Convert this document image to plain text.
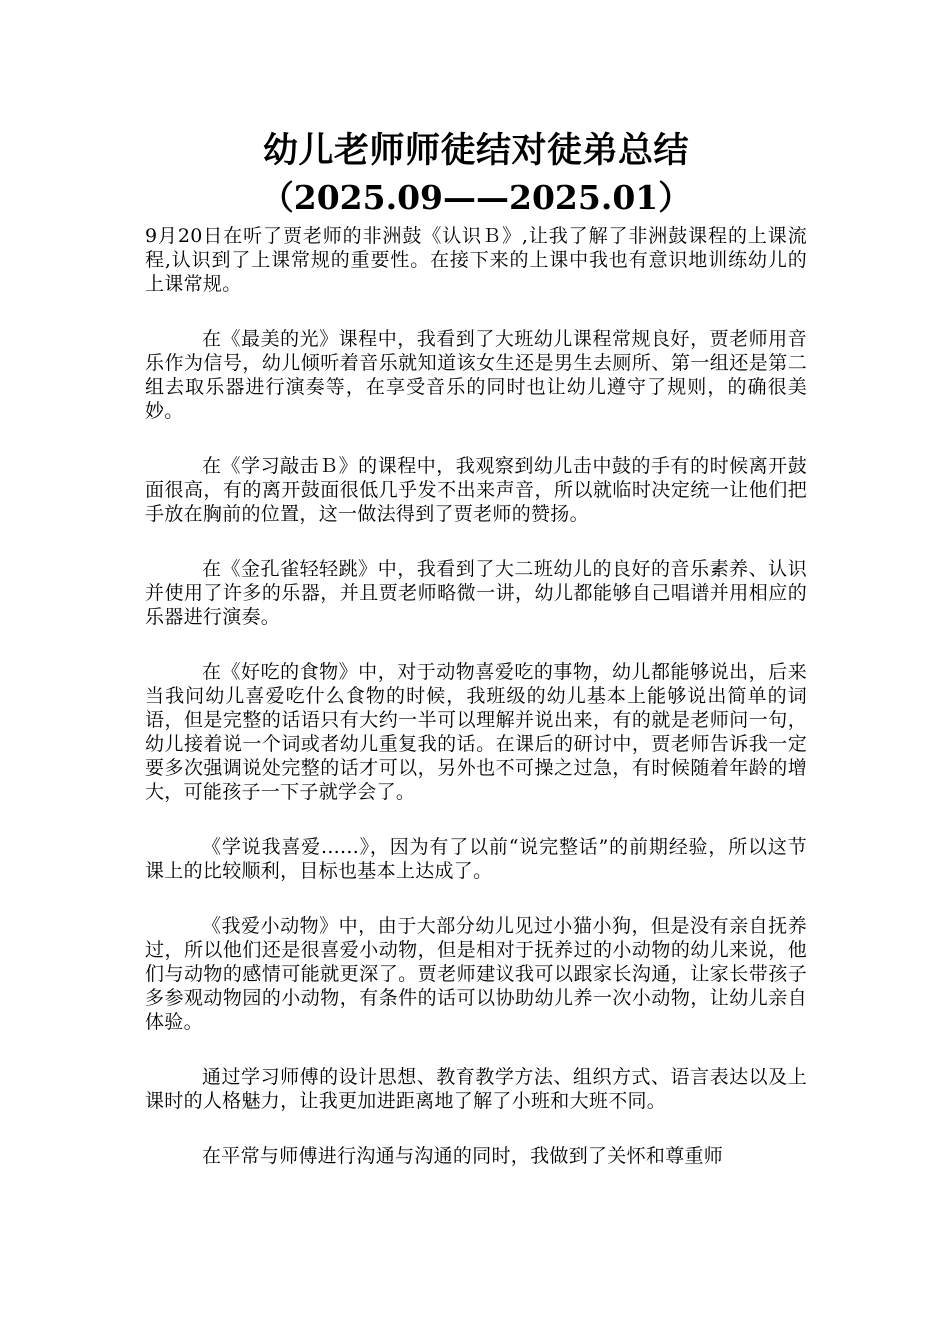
幼儿老师师徒结对徒弟总结
（2025.09——2025.01）

9月20日在听了贾老师的非洲鼓《认识Ｂ》,让我了解了非洲鼓课程的上课流程,认识到了上课常规的重要性。在接下来的上课中我也有意识地训练幼儿的上课常规。

在《最美的光》课程中，我看到了大班幼儿课程常规良好，贾老师用音乐作为信号，幼儿倾听着音乐就知道该女生还是男生去厕所、第一组还是第二组去取乐器进行演奏等，在享受音乐的同时也让幼儿遵守了规则，的确很美妙。

在《学习敲击Ｂ》的课程中，我观察到幼儿击中鼓的手有的时候离开鼓面很高，有的离开鼓面很低几乎发不出来声音，所以就临时决定统一让他们把手放在胸前的位置，这一做法得到了贾老师的赞扬。

在《金孔雀轻轻跳》中，我看到了大二班幼儿的良好的音乐素养、认识并使用了许多的乐器，并且贾老师略微一讲，幼儿都能够自己唱谱并用相应的乐器进行演奏。

在《好吃的食物》中，对于动物喜爱吃的事物，幼儿都能够说出，后来当我问幼儿喜爱吃什么食物的时候，我班级的幼儿基本上能够说出简单的词语，但是完整的话语只有大约一半可以理解并说出来，有的就是老师问一句，幼儿接着说一个词或者幼儿重复我的话。在课后的研讨中，贾老师告诉我一定要多次强调说处完整的话才可以，另外也不可操之过急，有时候随着年龄的增大，可能孩子一下子就学会了。

《学说我喜爱......》，因为有了以前“说完整话”的前期经验，所以这节课上的比较顺利，目标也基本上达成了。

《我爱小动物》中，由于大部分幼儿见过小猫小狗，但是没有亲自抚养过，所以他们还是很喜爱小动物，但是相对于抚养过的小动物的幼儿来说，他们与动物的感情可能就更深了。贾老师建议我可以跟家长沟通，让家长带孩子多参观动物园的小动物，有条件的话可以协助幼儿养一次小动物，让幼儿亲自体验。

通过学习师傅的设计思想、教育教学方法、组织方式、语言表达以及上课时的人格魅力，让我更加进距离地了解了小班和大班不同。

在平常与师傅进行沟通与沟通的同时，我做到了关怀和尊重师
